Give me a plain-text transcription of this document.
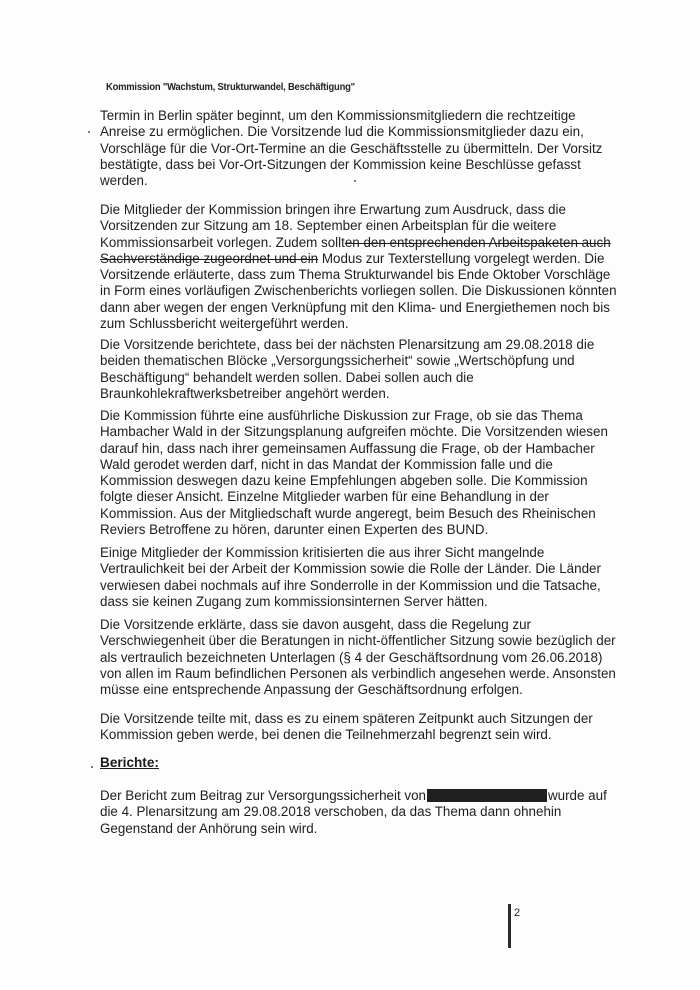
Kommission "Wachstum, Strukturwandel, Beschäftigung"
Termin in Berlin später beginnt, um den Kommissionsmitgliedern die rechtzeitige
Anreise zu ermöglichen. Die Vorsitzende lud die Kommissionsmitglieder dazu ein,
Vorschläge für die Vor-Ort-Termine an die Geschäftsstelle zu übermitteln. Der Vorsitz
bestätigte, dass bei Vor-Ort-Sitzungen der Kommission keine Beschlüsse gefasst
werden.
Die Mitglieder der Kommission bringen ihre Erwartung zum Ausdruck, dass die
Vorsitzenden zur Sitzung am 18. September einen Arbeitsplan für die weitere
Kommissionsarbeit vorlegen. Zudem sollten den entsprechenden Arbeitspaketen auch
Sachverständige zugeordnet und ein Modus zur Texterstellung vorgelegt werden. Die
Vorsitzende erläuterte, dass zum Thema Strukturwandel bis Ende Oktober Vorschläge
in Form eines vorläufigen Zwischenberichts vorliegen sollen. Die Diskussionen könnten
dann aber wegen der engen Verknüpfung mit den Klima- und Energiethemen noch bis
zum Schlussbericht weitergeführt werden.
Die Vorsitzende berichtete, dass bei der nächsten Plenarsitzung am 29.08.2018 die
beiden thematischen Blöcke „Versorgungssicherheit“ sowie „Wertschöpfung und
Beschäftigung“ behandelt werden sollen. Dabei sollen auch die
Braunkohlekraftwerksbetreiber angehört werden.
Die Kommission führte eine ausführliche Diskussion zur Frage, ob sie das Thema
Hambacher Wald in der Sitzungsplanung aufgreifen möchte. Die Vorsitzenden wiesen
darauf hin, dass nach ihrer gemeinsamen Auffassung die Frage, ob der Hambacher
Wald gerodet werden darf, nicht in das Mandat der Kommission falle und die
Kommission deswegen dazu keine Empfehlungen abgeben solle. Die Kommission
folgte dieser Ansicht. Einzelne Mitglieder warben für eine Behandlung in der
Kommission. Aus der Mitgliedschaft wurde angeregt, beim Besuch des Rheinischen
Reviers Betroffene zu hören, darunter einen Experten des BUND.
Einige Mitglieder der Kommission kritisierten die aus ihrer Sicht mangelnde
Vertraulichkeit bei der Arbeit der Kommission sowie die Rolle der Länder. Die Länder
verwiesen dabei nochmals auf ihre Sonderrolle in der Kommission und die Tatsache,
dass sie keinen Zugang zum kommissionsinternen Server hätten.
Die Vorsitzende erklärte, dass sie davon ausgeht, dass die Regelung zur
Verschwiegenheit über die Beratungen in nicht-öffentlicher Sitzung sowie bezüglich der
als vertraulich bezeichneten Unterlagen (§ 4 der Geschäftsordnung vom 26.06.2018)
von allen im Raum befindlichen Personen als verbindlich angesehen werde. Ansonsten
müsse eine entsprechende Anpassung der Geschäftsordnung erfolgen.
Die Vorsitzende teilte mit, dass es zu einem späteren Zeitpunkt auch Sitzungen der
Kommission geben werde, bei denen die Teilnehmerzahl begrenzt sein wird.
Berichte:
Der Bericht zum Beitrag zur Versorgungssicherheit von	wurde auf
die 4. Plenarsitzung am 29.08.2018 verschoben, da das Thema dann ohnehin
Gegenstand der Anhörung sein wird.
2
